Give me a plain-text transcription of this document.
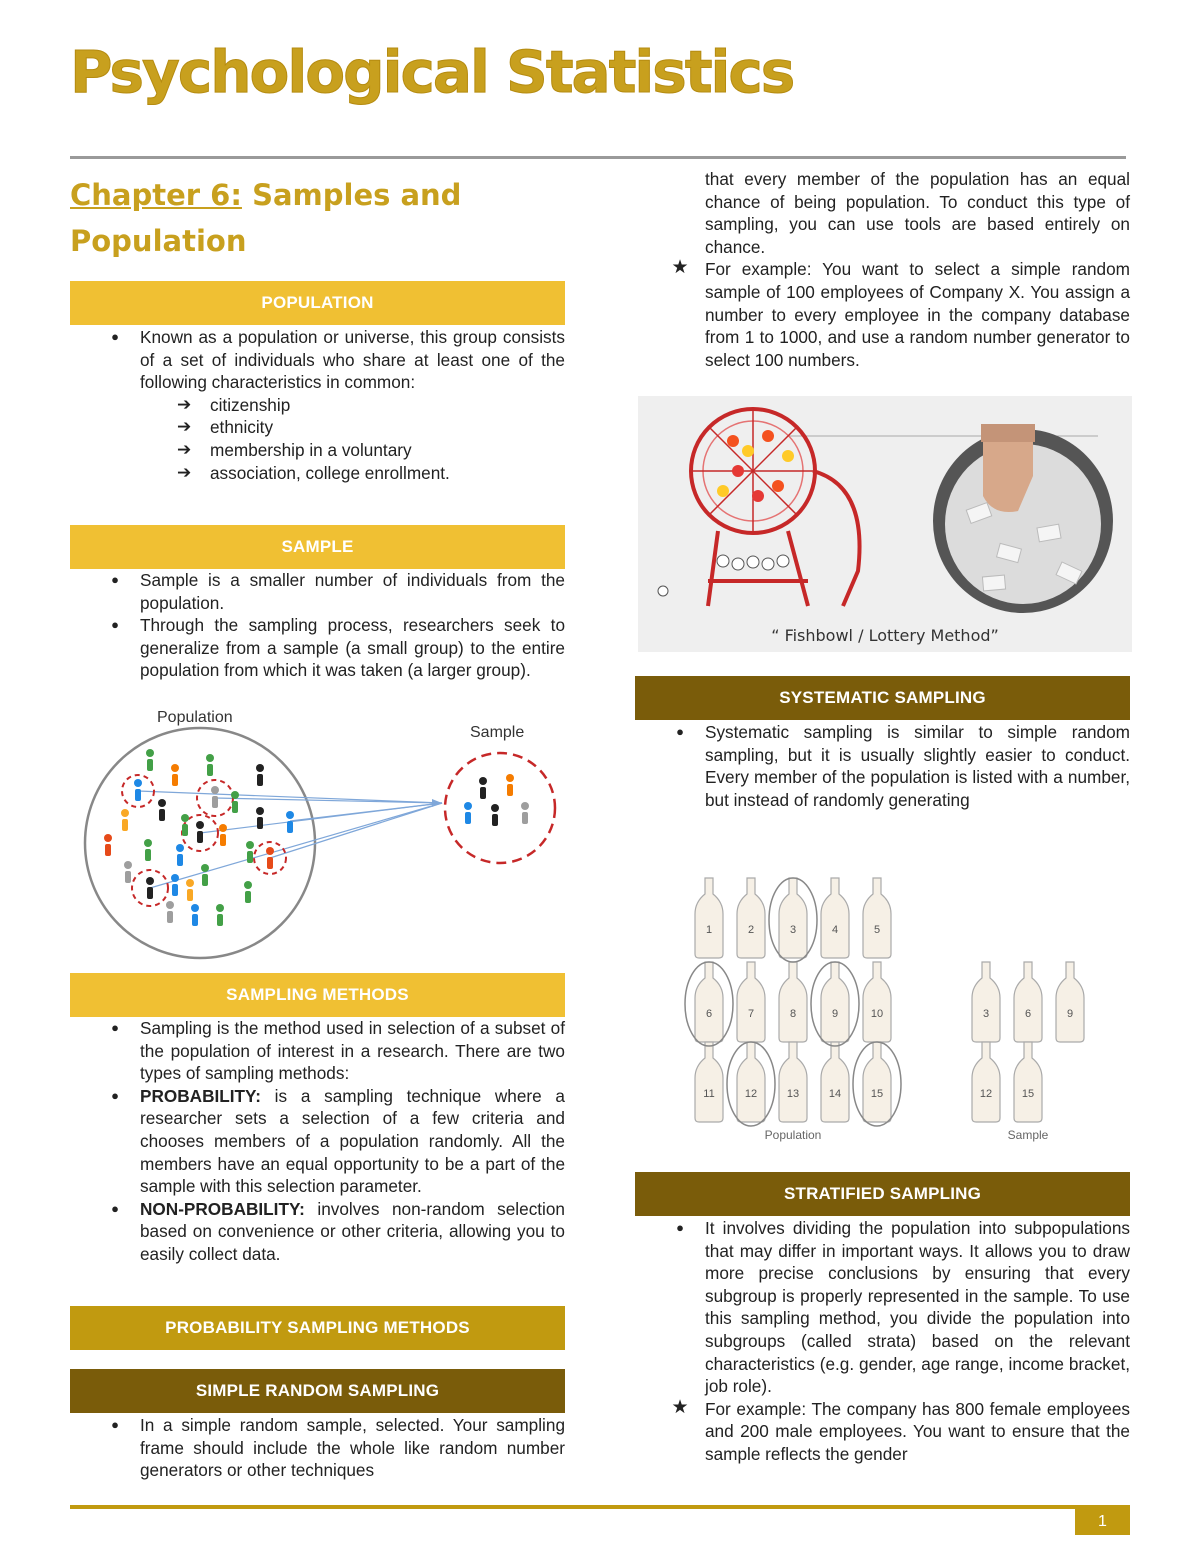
Psychological Statistics
Chapter 6: Samples and Population
POPULATION
●	Known as a population or universe, this group consists of a set of individuals who share at least one of the following characteristics in common:
➔ citizenship
➔ ethnicity
➔ membership in a voluntary
➔ association, college enrollment.
SAMPLE
●	Sample is a smaller number of individuals from the population.
●	Through the sampling process, researchers seek to generalize from a sample (a small group) to the entire population from which it was taken (a larger group).
Population
Sample
SAMPLING METHODS
●	Sampling is the method used in selection of a subset of the population of interest in a research. There are two types of sampling methods:
●	PROBABILITY: is a sampling technique where a researcher sets a selection of a few criteria and chooses members of a population randomly. All the members have an equal opportunity to be a part of the sample with this selection parameter.
●	NON-PROBABILITY: involves non-random selection based on convenience or other criteria, allowing you to easily collect data.
PROBABILITY SAMPLING METHODS
SIMPLE RANDOM SAMPLING
●	In a simple random sample, selected. Your sampling frame should include the whole like random number generators or other techniques
that every member of the population has an equal chance of being population. To conduct this type of sampling, you can use tools are based entirely on chance.
★ For example: You want to select a simple random sample of 100 employees of Company X. You assign a number to every employee in the company database from 1 to 1000, and use a random number generator to select 100 numbers.
“ Fishbowl / Lottery Method”
SYSTEMATIC SAMPLING
●	Systematic sampling is similar to simple random sampling, but it is usually slightly easier to conduct. Every member of the population is listed with a number, but instead of randomly generating
1	2	3	4	5
6	7	8	9	10
11	12	13	14	15
3	6	9
12	15
Population	Sample
STRATIFIED SAMPLING
●	It involves dividing the population into subpopulations that may differ in important ways. It allows you to draw more precise conclusions by ensuring that every subgroup is properly represented in the sample. To use this sampling method, you divide the population into subgroups (called strata) based on the relevant characteristics (e.g. gender, age range, income bracket, job role).
★ For example: The company has 800 female employees and 200 male employees. You want to ensure that the sample reflects the gender
1
